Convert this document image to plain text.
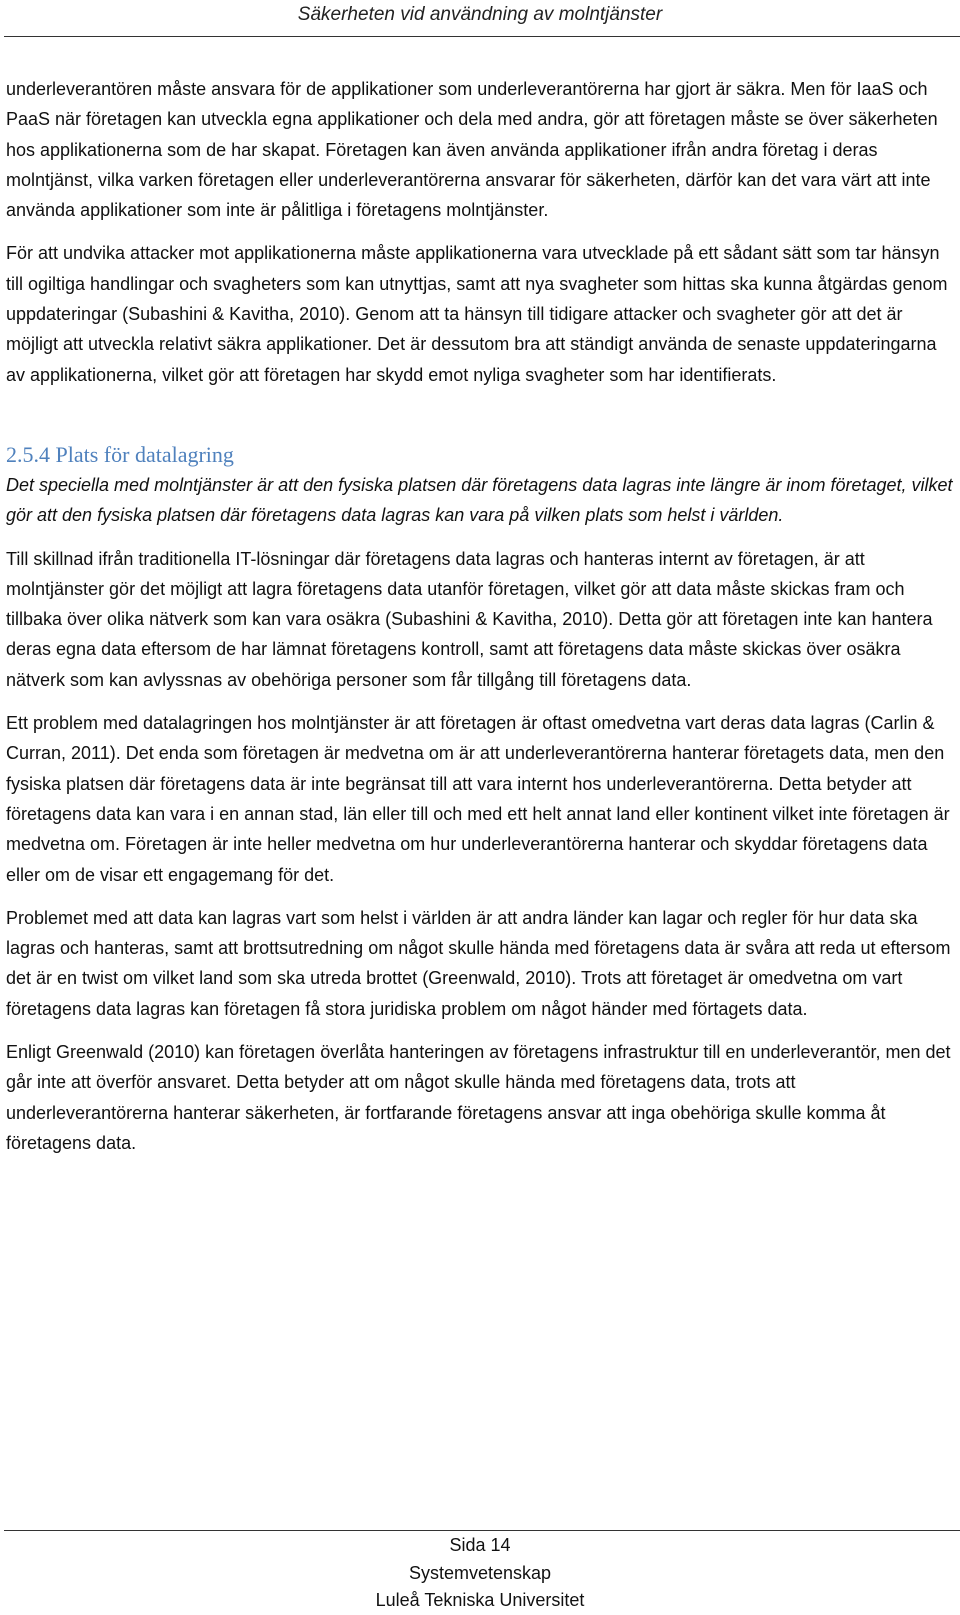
Säkerheten vid användning av molntjänster

underleverantören måste ansvara för de applikationer som underleverantörerna har gjort är säkra. Men för IaaS och PaaS när företagen kan utveckla egna applikationer och dela med andra, gör att företagen måste se över säkerheten hos applikationerna som de har skapat. Företagen kan även använda applikationer ifrån andra företag i deras molntjänst, vilka varken företagen eller underleverantörerna ansvarar för säkerheten, därför kan det vara värt att inte använda applikationer som inte är pålitliga i företagens molntjänster.

För att undvika attacker mot applikationerna måste applikationerna vara utvecklade på ett sådant sätt som tar hänsyn till ogiltiga handlingar och svagheters som kan utnyttjas, samt att nya svagheter som hittas ska kunna åtgärdas genom uppdateringar (Subashini & Kavitha, 2010). Genom att ta hänsyn till tidigare attacker och svagheter gör att det är möjligt att utveckla relativt säkra applikationer. Det är dessutom bra att ständigt använda de senaste uppdateringarna av applikationerna, vilket gör att företagen har skydd emot nyliga svagheter som har identifierats.

2.5.4 Plats för datalagring

Det speciella med molntjänster är att den fysiska platsen där företagens data lagras inte längre är inom företaget, vilket gör att den fysiska platsen där företagens data lagras kan vara på vilken plats som helst i världen.

Till skillnad ifrån traditionella IT-lösningar där företagens data lagras och hanteras internt av företagen, är att molntjänster gör det möjligt att lagra företagens data utanför företagen, vilket gör att data måste skickas fram och tillbaka över olika nätverk som kan vara osäkra (Subashini & Kavitha, 2010). Detta gör att företagen inte kan hantera deras egna data eftersom de har lämnat företagens kontroll, samt att företagens data måste skickas över osäkra nätverk som kan avlyssnas av obehöriga personer som får tillgång till företagens data.

Ett problem med datalagringen hos molntjänster är att företagen är oftast omedvetna vart deras data lagras (Carlin & Curran, 2011). Det enda som företagen är medvetna om är att underleverantörerna hanterar företagets data, men den fysiska platsen där företagens data är inte begränsat till att vara internt hos underleverantörerna. Detta betyder att företagens data kan vara i en annan stad, län eller till och med ett helt annat land eller kontinent vilket inte företagen är medvetna om. Företagen är inte heller medvetna om hur underleverantörerna hanterar och skyddar företagens data eller om de visar ett engagemang för det.

Problemet med att data kan lagras vart som helst i världen är att andra länder kan lagar och regler för hur data ska lagras och hanteras, samt att brottsutredning om något skulle hända med företagens data är svåra att reda ut eftersom det är en twist om vilket land som ska utreda brottet (Greenwald, 2010). Trots att företaget är omedvetna om vart företagens data lagras kan företagen få stora juridiska problem om något händer med förtagets data.

Enligt Greenwald (2010) kan företagen överlåta hanteringen av företagens infrastruktur till en underleverantör, men det går inte att överför ansvaret. Detta betyder att om något skulle hända med företagens data, trots att underleverantörerna hanterar säkerheten, är fortfarande företagens ansvar att inga obehöriga skulle komma åt företagens data.

Sida 14
Systemvetenskap
Luleå Tekniska Universitet
